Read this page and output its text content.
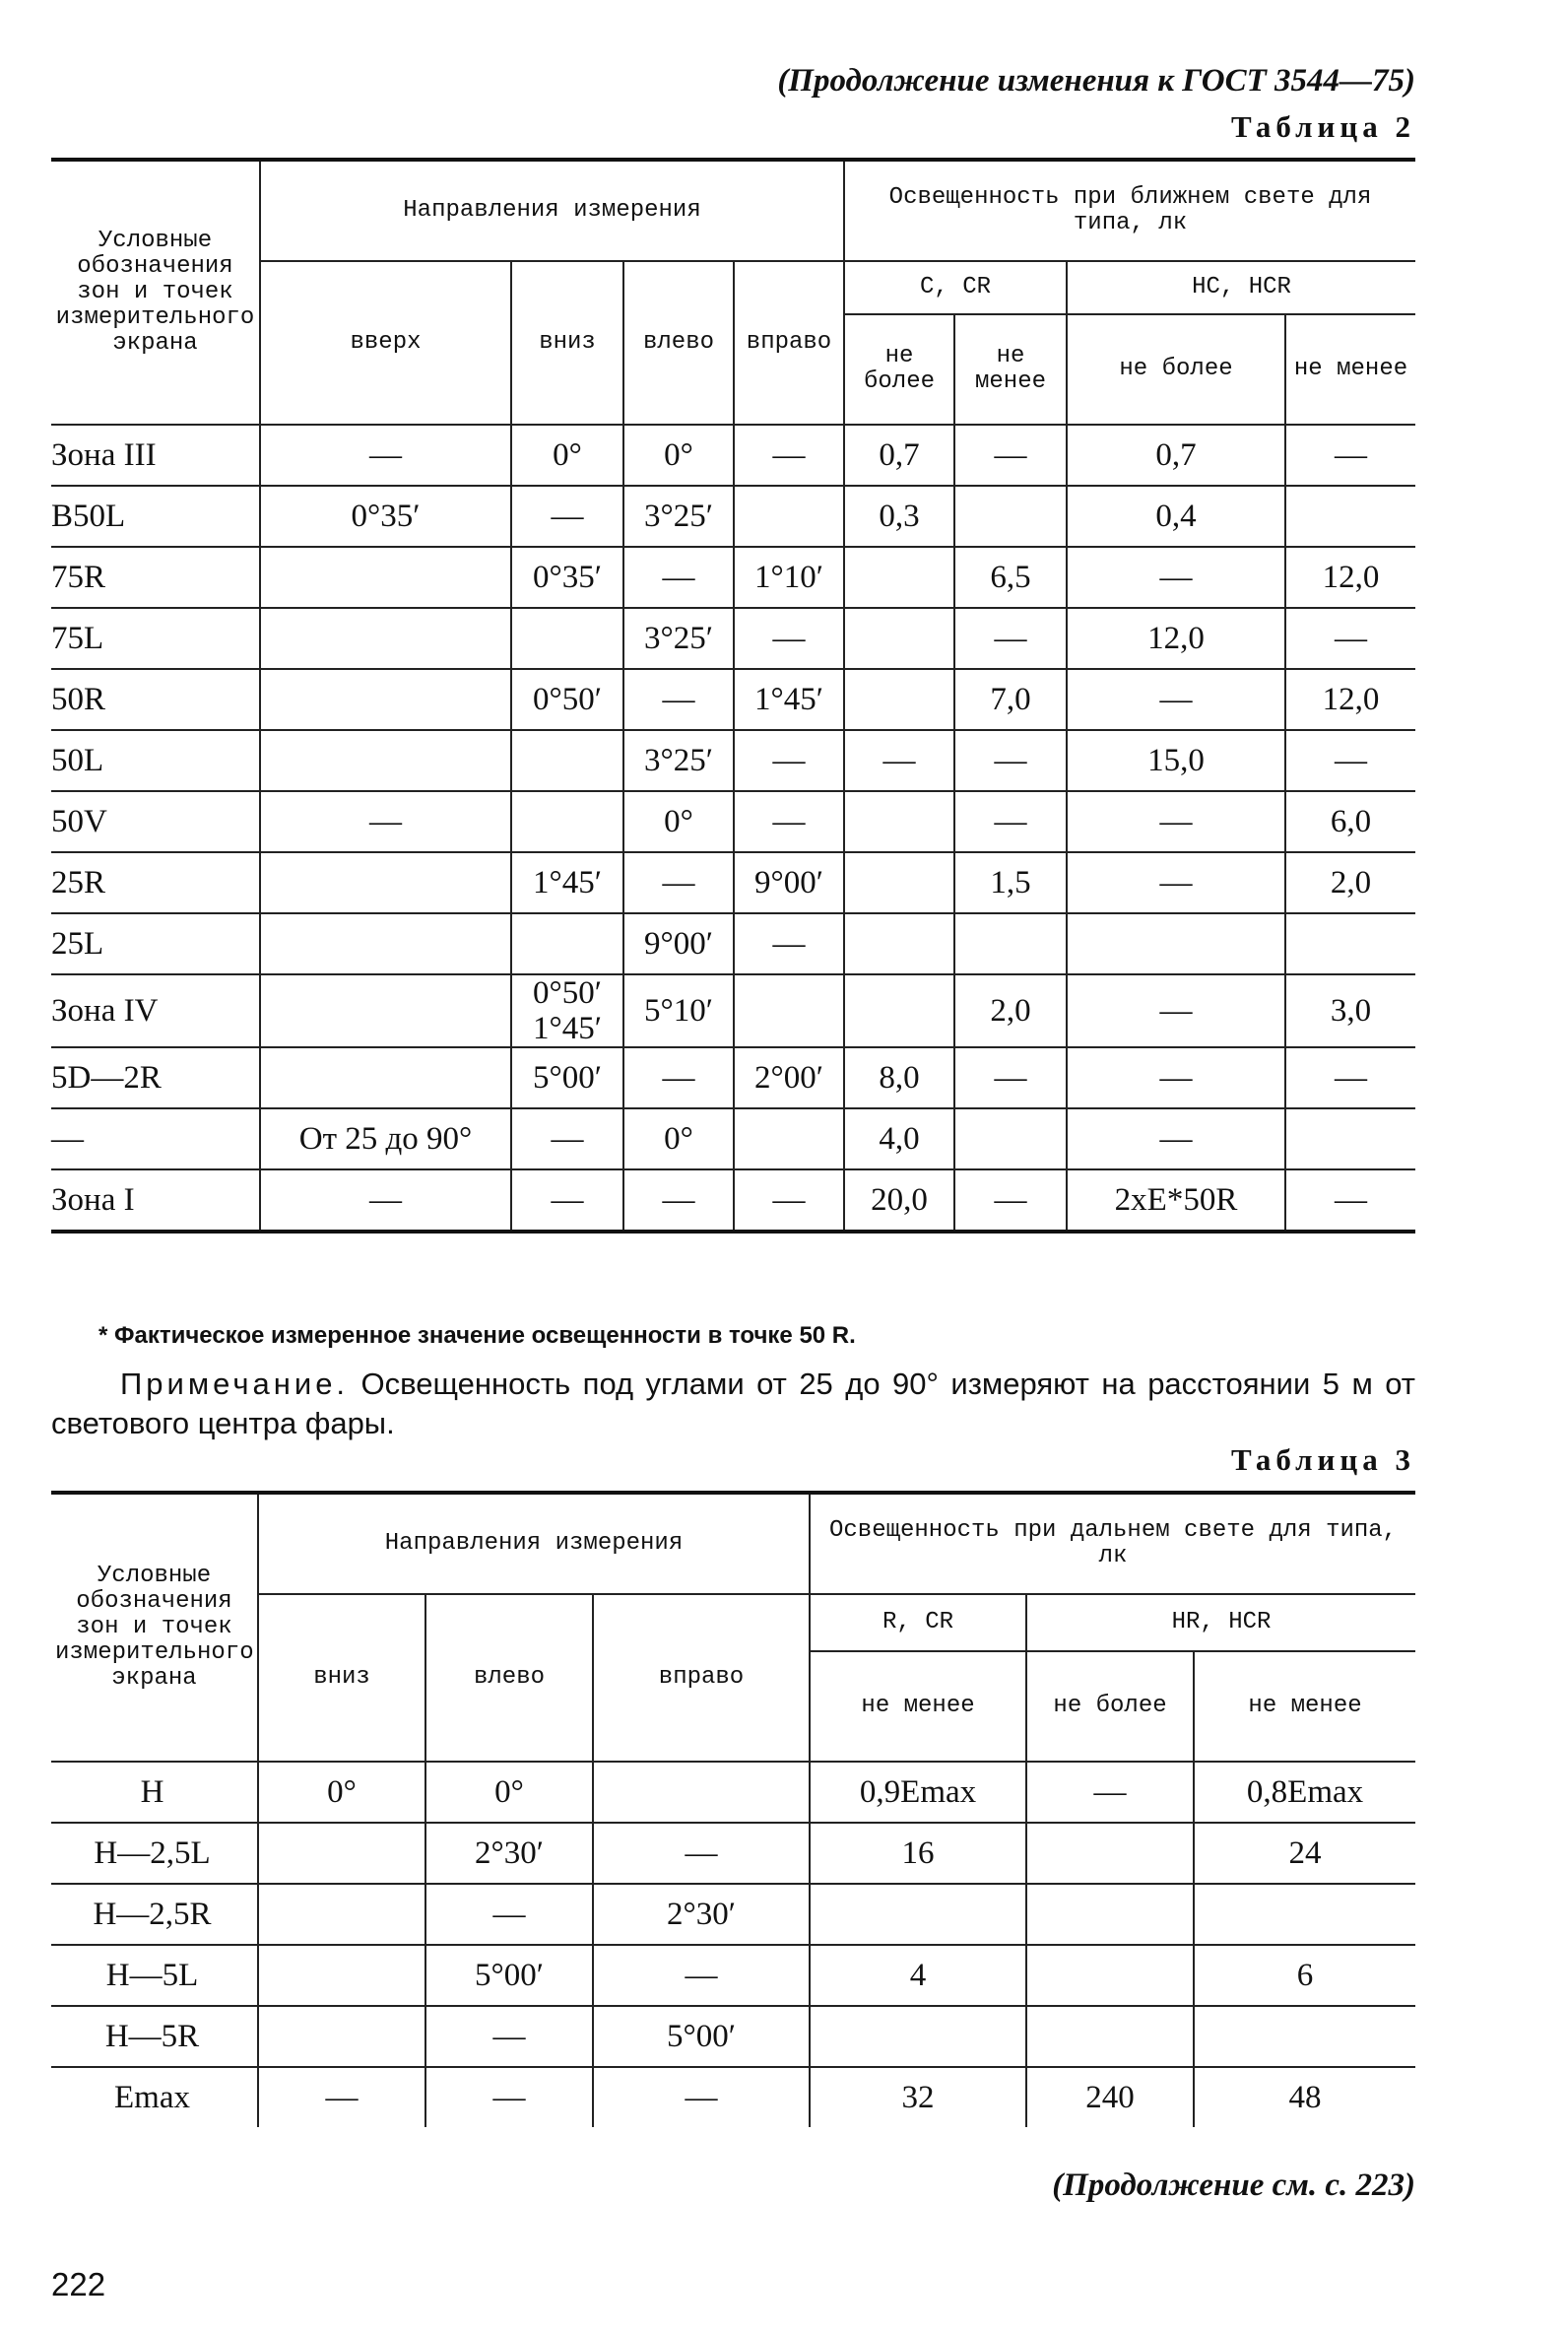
(Продолжение изменения к ГОСТ 3544—75)
Таблица 2
Условные обозначения зон и точек измерительного экрана	Направления измерения				Освещенность при ближнем свете для типа, лк			
	вверх	вниз	влево	вправо	С, СR		НС, НСR	
					не более	не менее	не более	не менее
Зона III	—	0°	0°	—	0,7	—	0,7	—
B50L	0°35′	—	3°25′		0,3		0,4	
75R		0°35′	—	1°10′		6,5	—	12,0
75L			3°25′	—		—	12,0	—
50R		0°50′	—	1°45′		7,0	—	12,0
50L			3°25′	—	—	—	15,0	—
50V	—		0°	—		—	—	6,0
25R		1°45′	—	9°00′		1,5	—	2,0
25L			9°00′	—				
Зона IV		0°50′ 1°45′	5°10′			2,0	—	3,0
5D—2R		5°00′	—	2°00′	8,0	—	—	—
—	От 25 до 90°	—	0°		4,0		—	
Зона I	—	—	—	—	20,0	—	2xE*50R	—
* Фактическое измеренное значение освещенности в точке 50 R.
Примечание. Освещенность под углами от 25 до 90° измеряют на расстоянии 5 м от светового центра фары.
Таблица 3
Условные обозначения зон и точек измерительного экрана	Направления измерения			Освещенность при дальнем свете для типа, лк		
	вниз	влево	вправо	R, CR	HR, HCR	
				не менее	не более	не менее
H	0°	0°		0,9Emax	—	0,8Emax
H—2,5L		2°30′	—	16		24
H—2,5R		—	2°30′			
H—5L		5°00′	—	4		6
H—5R		—	5°00′			
Emax	—	—	—	32	240	48
(Продолжение см. с. 223)
222
